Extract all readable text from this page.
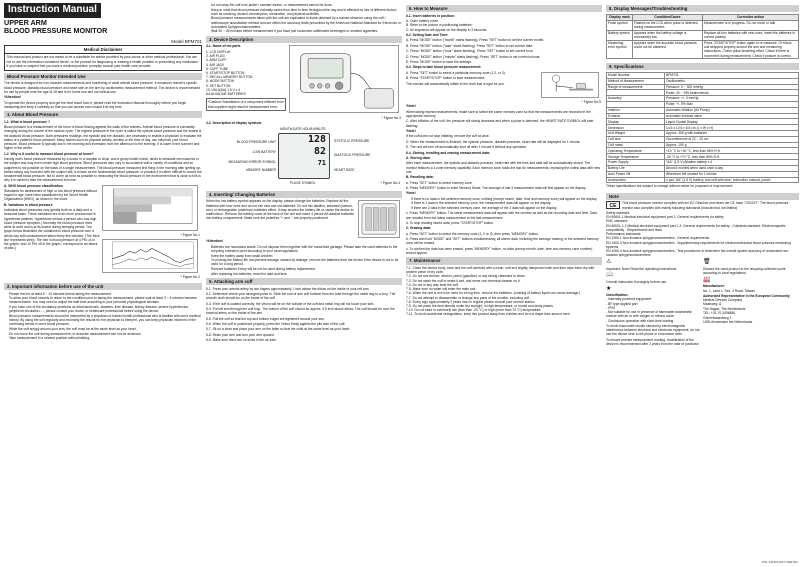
Instruction Manual
UPPER ARM
BLOOD PRESSURE MONITOR
Model BPM701
Medical Disclaimer
This manual and product are not meant to be a substitute for advice provided by your doctor or other medical professional. You are not to use the information contained herein, or the product for diagnosing or treating a health problem or prescribing any medication. If you have or suspect that you have a medical problem, promptly consult your health care provider.
Blood Pressure Monitor Intended Use
The device is designed for non-invasive measurements and monitoring of adult arterial blood pressure. It measures human's systolic blood pressure, diastolic blood pressure and heart rate on the arm by oscillometric measurement method. The device is recommended for use by people over the age of 18 and is for home use and not clinical use.
*Attention!
To operate the device properly and get the best result from it, please read the Instruction Manual thoroughly before you begin measuring and keep it carefully so that you can access and consult it at any time.
1. About Blood Pressure
1-1. What is blood pressure ?
Blood pressure is a measurement of the force of blood flowing against the walls of the arteries. Arterial blood pressure is constantly changing during the course of the cardiac cycle. The highest pressure in the cycle is called the systolic blood pressure and the lowest is the diastolic blood pressure. Both pressures readings, the systolic and the diastolic, are necessary to enable a physician to evaluate the status of a patient's blood pressure. Many factors such as physical activity, anxiety or the time of day, can influence your blood pressure. Blood pressure is typically low in the morning and increases from the afternoon to the evening. It is lower in the summer and higher in the winter.
1-2. Why is it useful to measure blood pressure at home?
Having one's blood pressure measured by a doctor in a hospital or clinic, and a group health check, tends to stimulate nervousness in the subject and may even create high blood pressure. Blood pressures also vary in accordance with a variety of conditions and so judgment is not possible on the basis of a single measurement. The blood pressure measured first thing in the morning after getting up, before taking any food and with the subject still, is known as the fundamental blood pressure. In practice it is rather difficult to record the fundamental blood pressure, but to come as near as possible to measuring the blood pressure in the environment that is close to this is why it is useful to take the measurement at home.
A. WHO blood pressure classification
Standards for assessment of high or low blood pressure without regard to age, have been established by the World Health Organization (WHO), as shown in the chart.
B. Variations in blood pressure
Individual blood pressures vary greatly both on a daily and a seasonal basis. These variations are even more pronounced in hypertense patients. Hypertense means a person who has high blood pressure symptom.) Normally the blood pressure rises while at work and is at its lowest during sleeping period. The graph below illustrated the variations in blood pressure over a whole day with measurement taken every five minutes. (The thick line represents sleep. The rise in blood pressure at 4 PM =A in the graph= and 12 PM =B in the graph= correspond to an attack of pain.)
* Figure No.1
* Figure No.2
2. Important information before use of the unit
• Please rest for at least 5 ~ 10 minutes before taking the measurement.
• To allow your blood vessels to return to the condition prior to taking the measurement, please wait at least 3 ~ 5 minutes between measurements. You may need to adjust the wait time according to your personal physiological situation.
• If you have one of the circulatory problems as arteriosclerosis, diabetes, liver disease, kidney disease, severe hypertension, peripheral circulation....., please consult your doctor or healthcare professional before using the device.
• Blood pressure measurements should be interpreted by a physician or trained health professional who is familiar with one's medical history. By using the unit regularly and recording the results for the physician to interpret, you can keep physician informed of the continuing trends in one's blood pressure.
• While the cuff snugly around your arm, the cuff must be at the same level as your heart.
• Do not move the unit during measurement, or accurate measurement can not be achieved.
• Take measurement in a relaxed position without talking.
• Do not wrap the cuff over jacket / sweater sleeve, or measurement cannot be done.
• Keep in mind that blood pressure naturally varies from time to time throughout the day and is affected by lots of different factors such as smoking, alcohol consumption, medication, and physical activities.
• Blood pressure measurements taken with the unit are equivalent to those obtained by a trained observer using the cuff / stethoscope auscultation method and are within the accuracy limits prescribed by the American National Standard for Electronic or Automated Sphygmomanometers.
• Wait 30 ~ 45 minutes before measurement if you have just consumed caffeinated beverages or smoked cigarettes.
3. Device Description
3-1. Name of the parts
1. LCD DISPLAY
2. AIR PLUG
3. ARM CUFF
4. AIR JACK
5. CUFF TUBE
6. START/STOP BUTTON
7. RECALL MEMORY BUTTON
8. MODE BUTTON
9. SET BUTTON
10. UM-4(AA) 1.5 V x 4
AA ALKALINE BATTERIES
*Caution! Substitution of a component different from that supplied might result in measurement error.
* Figure No.3
3-2. Description of display symbols
MONTH:DATE HOUR:MINUTE
128
82
71
BLOOD PRESSURE UNIT
LOW BATTERY
MEASURING ERROR SYMBOL
MEMORY NUMBER
SYSTOLIC PRESSURE
DIASTOLIC PRESSURE
HEART RATE
PULSE SYMBOL	* Figure No.4
4. Inserting/ Changing Batteries
When the low battery symbol appears on the display, please change the batteries. Replace all the batteries with new ones and do not mix new and old batteries. Do not mix alkaline, standard (carbon-zinc) or rechargeable (cadmium) batteries either. It may shorten the battery life or cause the device to malfunction. Remove the battery cover at the back of the unit and insert 4 pieces AA alkaline batteries into battery compartment. Make sure the polarities '+' and '-' are properly positioned.
*Attention!
• Batteries are hazardous waste. Do not dispose them together with the household garbage. Please take the used batteries to the recycling collection point according to your local regulations.
• Keep the battery away from small children.
• To prolong the battery life and prevent damage caused by leakage, remove the batteries from the device if the device is not to be used for a long period.
• Remove batteries if they will be not be used during battery replacement.
• After replacing the batteries, reset the date and time.
5. Attaching arm cuff
5-1. Press your arterial artery by two fingers approximately 1 inch above the elbow on the inside of your left arm.
5-2. Determine where your strongest pulse is. Slide the end of arm cuff furthest from the tube through the metal ring to a loop. The smooth cloth should be on the inside of the cuff.
5-3. If the cuff is located correctly, the Velcro will be on the outside of the cuff and metal ring will not touch your skin.
5-4. Put left arm through the cuff loop. The bottom of the cuff should be approx. 0.5 inch above elbow. The cuff should be over the brachial artery on the inside of the arm.
5-5. Pull the cuff so that the top and bottom edges are tightened around your arm.
5-6. When the cuff is positioned properly, press the Velcro firmly against the pile side of the cuff.
5-7. Sit on a chair and place your arm on the table so that the cuffs at the same level as your heart.
5-8. Relax your arm and turn your arm upward.
5-9. Make sure there are no kinks in the air tube.
6. How to Measure
6-1. Insert batteries in position:
A. Open battery cover.
B. Refer to the picture in positioning batteries.
C. All segments will appear on the display in 3 seconds.
6-2. Setting Date and Time:
A. Press "MODE" button ("month" starts flashing). Press "SET" button to set the current month.
B. Press "MODE" button ("date" starts flashing). Press "SET" button to set current date.
C. Press "MODE" button ("hour" starts flashing). Press "SET" button to set current hour.
D. Press "MODE" button ("minute" starts flashing). Press "SET" button to set current minute.
E. Press "MODE" button to save the settings.
6-3. Steps to take blood pressure measurement:
A. Press "SET" button to select a particular memory zone (1,2, or 3).
B. Press "START/STOP" button to start measurement.
The monitor will automatically inflate to the level that is right for you.
* Figure No.5
*Note!
When taking repeat measurements, make sure to select the same memory zone so that the measurements are recorded in the appropriate memory.
C. After inflation of the cuff, the pressure will slowly decrease and when a pulse is detected, the HEART RATE SYMBOL will start flashing.
*Note!
If the cuff does not stop inflating, remove the cuff at once.
D. When the measurement is finished, the systolic pressure, diastolic pressure, heart rate will be displayed for 1 minute.
E. The unit will turn off automatically shut off after 1 minute if without any operation.
6-4. Storing, recalling and erasing measurement data:
A. Storing data:
After each measurement, the systolic and diastolic pressure, heart rate with the time and date will be automatically stored. The monitor features a 3 zone memory capability. Each memory zone holds the last 60 measurements, replacing the oldest data with new one.
B. Recalling data:
a. Press "SET" button to select memory zone.
b. Press "MEMORY" button to enter Memory Mode. The average of last 3 measurement data will first appear on the display.
*Note!
• If there is no data in the selected memory zone, nothing (except month, date, time and memory zone) will appear on the display.
• If there is 1 data in the selected memory zone, the measurement data will appear on the display.
• If there are 2 data in the selected memory zone, the average of the 2 data will appear on the display.
c. Press "MEMORY" button. The latest measurement data will appear with the number as well as the recording date and time. Data are recalled from the latest measurement to the last measurement.
d. To stop reading stored data, press "START/STOP" button.
C. Erasing data:
a. Press "SET" button to select the memory zone (1, 2 or 3), then press "MEMORY" button.
b. Press and hold "MODE" and "SET" buttons simultaneously, all stored data, including the average reading, in the selected memory zone will be erased.
c. To confirm the data has been erased, press "MEMORY" button, no data (except month, date, time and memory zone number) should appear.
7. Maintenance
7-1. Clean the device body, case and the cuff carefully with a clean, soft and slightly dampened cloth and then wipe them dry with another piece of dry cloth.
7-2. Do not use thinner, alcohol, petrol (gasoline) or any strong cleansers to clean.
7-3. Do not wash the cuff or make it wet, and never use chemical cleaner on it.
7-4. Do not in any way twist the cuff.
7-5. Make sure no water will enter the main unit.
7-6. When the unit is not to be used for a long time, remove the batteries. (Leaking of battery liquid can cause damage.)
7-7. Do not attempt to disassemble or change any parts of the monitor, including cuff.
7-8. Every sign approximately 2 years has no regular please consult your service station.
7-9. Do not place the item directly under the sunlight, in high temperature, or humid and dusty places.
7-10. Do not store in extremely low (less than -20 °C) or high (more than 70 °C) temperature.
7-11. To avoid accidental strangulation, keep this product away from children and do not drape tube around neck.
8. Display Messages/Troubleshooting
Display mark	Condition/Cause	Corrective action
Pulse symbol	Flashes on the LCD when pulse is detected during measurement.	Measurement is in progress. Do not move or talk.
Battery symbol	Appears when the battery voltage is excessively low.	Replace all four batteries with new ones. Insert the batteries in correct polarity.
Measuring error symbol	Appears when the accurate blood pressure could not be obtained.	Press "START/STOP" button again to re-measure. Or check cuff wrapped properly around the arm and measuring instructions. Check pulse breathing effort. Check if there is movement during measurement. Check if posture is correct.
9. Specifications
Model Number	BPM701
Method of Measurement	Oscillometric
Range of measurement	Pressure: 0 ~ 300 mmHg
	Pulse: 40 ~ 199 beats/minute
Accuracy	Pressure: +/- 3 mmHg
	Pulse: +/- 5% Max
Inflation	Automatic inflation (Air Pump)
Exhaust	Automatic exhaust valve
Display	Liquid Crystal Display
Dimension	14.5 x 10.6 x 6.5 cm (L x W x H)
Unit Weight	Approx. 365 g with batteries
Cuff size	Circumference of 22 ~ 32 cm
Cuff mass	Approx. 150 g
Operating Temperature	+10 °C to +40 °C, less than 85% R.H.
Storage Temperature	-20 °C to +70 °C, less than 85% R.H.
Power Supply	"AA" (1.5 V) Alkaline battery x 4
Battery Life	About 6 months when used once a day
Auto Power Off	Whenever left unused for 1 minute
Accessories	4 pcs "AA" (1.5 V) battery, arm cuff with tube, Instruction manual, pouch
These specifications are subject to change without notice for purposes of improvement.
Note
CE	This blood pressure monitor complies with the EC Directive and bears the CE mark "CE0197". The blood pressure monitor also complies with mainly following standards (included but not limited):
Safety standard:
EN 60601-1 Medical electrical equipment part 1: General requirements for safety
EMC standard:
EN 60601-1-2 Medical electrical equipment part 1-2: General requirements for safety - Collateral standard: Electromagnetic compatibility - Requirements and tests
Performance standards:
EN 1060-1 Non-invasive sphygmomanometers - General requirements
EN 1060-3 Non-invasive sphygmomanometers - Supplementary requirements for electromechanical blood pressure measuring systems
EN 1060-4 Non-invasive sphygmomanometers - Test procedures to determine the overall system accuracy of automated non-invasive sphygmomanometers
⚠
Important: Note! Read the operating instructions.
📖
Consult instruction thoroughly before use.
★
Classification:
- Internally powered equipment
- BF type applied part
- IPX0
- Not suitable for use in presence of flammable anaesthetic mixture with air or with oxygen or nitrous oxide.
- Continuous operation with short-time loading
To avoid inaccurate results caused by electromagnetic interference between electrical and electronic equipment, do not use the device near a cell phone or microwave oven.
To ensure precise measurement reading, recalibration of the device is recommended after 2 years from the date of purchase.
🗑
Discard the used product to the recycling collection point according to local regulations.
🏭
Manufacturer:
No. 1, Lane 1, Sec. 3 Road, Taiwan
Authorized Representative in the European Community
Medical Devices Company
Maanweg 11
The Hague, The Netherlands
TEL: +31-70-3456850
Geheelwaardweg 1
1090 Amsterdam the Netherlands
P/N: 3211071247 VER:001
